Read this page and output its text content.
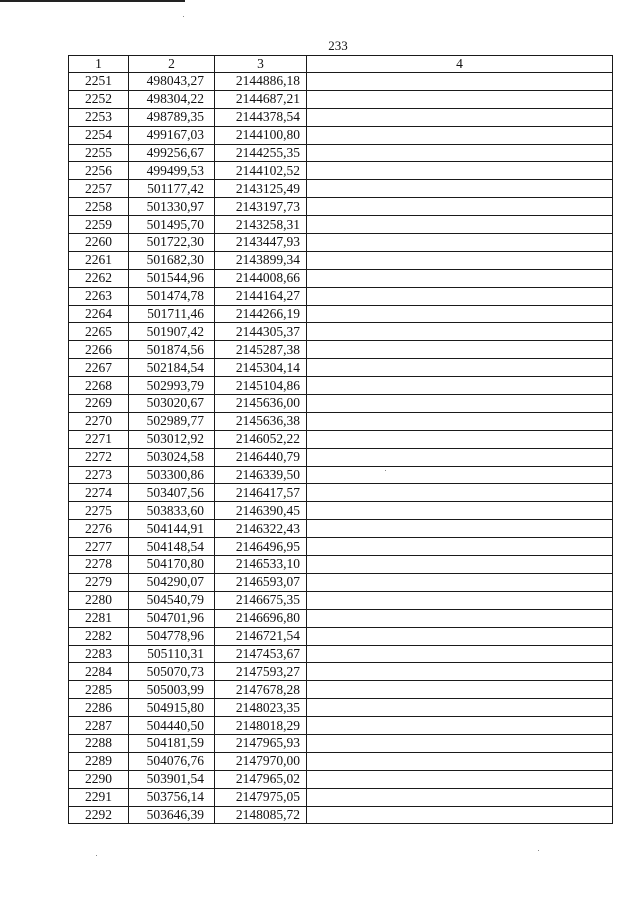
233
1	2	3	4
2251	498043,27	2144886,18	
2252	498304,22	2144687,21	
2253	498789,35	2144378,54	
2254	499167,03	2144100,80	
2255	499256,67	2144255,35	
2256	499499,53	2144102,52	
2257	501177,42	2143125,49	
2258	501330,97	2143197,73	
2259	501495,70	2143258,31	
2260	501722,30	2143447,93	
2261	501682,30	2143899,34	
2262	501544,96	2144008,66	
2263	501474,78	2144164,27	
2264	501711,46	2144266,19	
2265	501907,42	2144305,37	
2266	501874,56	2145287,38	
2267	502184,54	2145304,14	
2268	502993,79	2145104,86	
2269	503020,67	2145636,00	
2270	502989,77	2145636,38	
2271	503012,92	2146052,22	
2272	503024,58	2146440,79	
2273	503300,86	2146339,50	
2274	503407,56	2146417,57	
2275	503833,60	2146390,45	
2276	504144,91	2146322,43	
2277	504148,54	2146496,95	
2278	504170,80	2146533,10	
2279	504290,07	2146593,07	
2280	504540,79	2146675,35	
2281	504701,96	2146696,80	
2282	504778,96	2146721,54	
2283	505110,31	2147453,67	
2284	505070,73	2147593,27	
2285	505003,99	2147678,28	
2286	504915,80	2148023,35	
2287	504440,50	2148018,29	
2288	504181,59	2147965,93	
2289	504076,76	2147970,00	
2290	503901,54	2147965,02	
2291	503756,14	2147975,05	
2292	503646,39	2148085,72	
